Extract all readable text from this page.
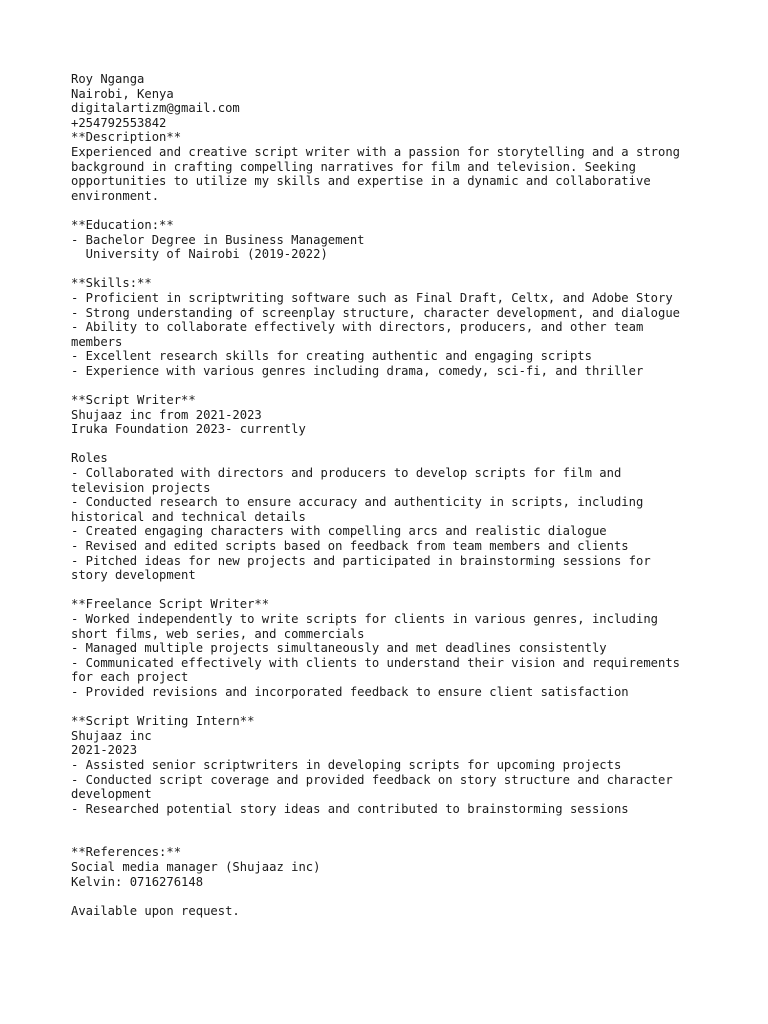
Roy Nganga
Nairobi, Kenya
digitalartizm@gmail.com
+254792553842
**Description**
Experienced and creative script writer with a passion for storytelling and a strong
background in crafting compelling narratives for film and television. Seeking
opportunities to utilize my skills and expertise in a dynamic and collaborative
environment.
**Education:**
- Bachelor Degree in Business Management
University of Nairobi (2019-2022)
**Skills:**
- Proficient in scriptwriting software such as Final Draft, Celtx, and Adobe Story
- Strong understanding of screenplay structure, character development, and dialogue
- Ability to collaborate effectively with directors, producers, and other team
members
- Excellent research skills for creating authentic and engaging scripts
- Experience with various genres including drama, comedy, sci-fi, and thriller
**Script Writer**
Shujaaz inc from 2021-2023
Iruka Foundation 2023- currently
Roles
- Collaborated with directors and producers to develop scripts for film and
television projects
- Conducted research to ensure accuracy and authenticity in scripts, including
historical and technical details
- Created engaging characters with compelling arcs and realistic dialogue
- Revised and edited scripts based on feedback from team members and clients
- Pitched ideas for new projects and participated in brainstorming sessions for
story development
**Freelance Script Writer**
- Worked independently to write scripts for clients in various genres, including
short films, web series, and commercials
- Managed multiple projects simultaneously and met deadlines consistently
- Communicated effectively with clients to understand their vision and requirements
for each project
- Provided revisions and incorporated feedback to ensure client satisfaction
**Script Writing Intern**
Shujaaz inc
2021-2023
- Assisted senior scriptwriters in developing scripts for upcoming projects
- Conducted script coverage and provided feedback on story structure and character
development
- Researched potential story ideas and contributed to brainstorming sessions
**References:**
Social media manager (Shujaaz inc)
Kelvin: 0716276148
Available upon request.
